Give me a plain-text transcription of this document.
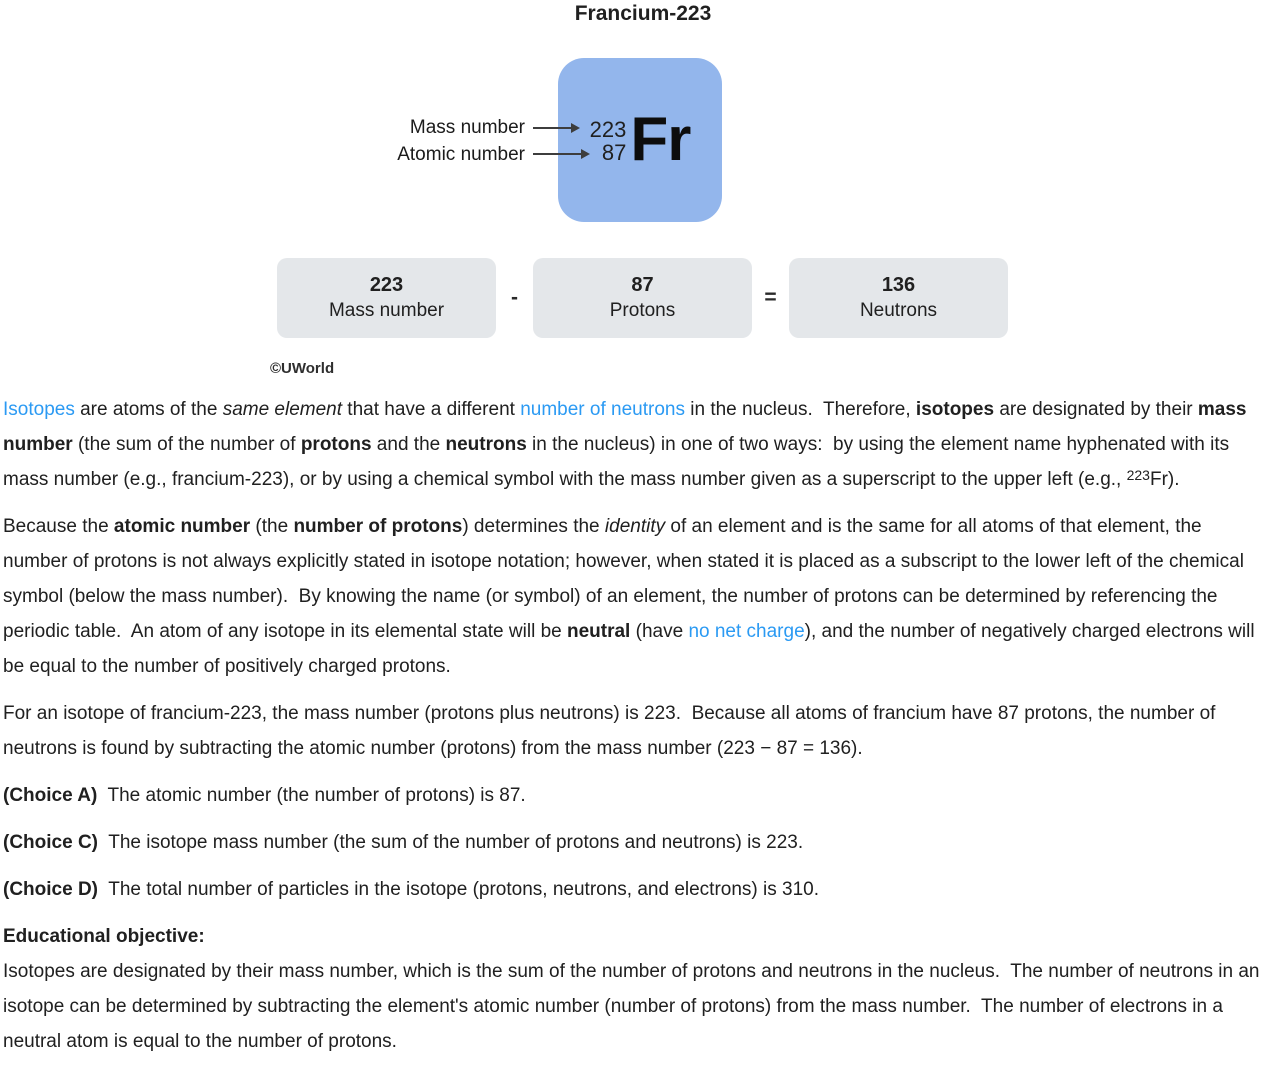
Francium-223
223
87 Fr
Mass number
Atomic number
223
Mass number
-
87
Protons
=
136
Neutrons
©UWorld

Isotopes are atoms of the same element that have a different number of neutrons in the nucleus.  Therefore, isotopes are designated by their mass number (the sum of the number of protons and the neutrons in the nucleus) in one of two ways:  by using the element name hyphenated with its mass number (e.g., francium-223), or by using a chemical symbol with the mass number given as a superscript to the upper left (e.g., $^{223}$Fr).

Because the atomic number (the number of protons) determines the identity of an element and is the same for all atoms of that element, the number of protons is not always explicitly stated in isotope notation; however, when stated it is placed as a subscript to the lower left of the chemical symbol (below the mass number).  By knowing the name (or symbol) of an element, the number of protons can be determined by referencing the periodic table.  An atom of any isotope in its elemental state will be neutral (have no net charge), and the number of negatively charged electrons will be equal to the number of positively charged protons.

For an isotope of francium-223, the mass number (protons plus neutrons) is 223.  Because all atoms of francium have 87 protons, the number of neutrons is found by subtracting the atomic number (protons) from the mass number (223 − 87 = 136).

(Choice A)  The atomic number (the number of protons) is 87.

(Choice C)  The isotope mass number (the sum of the number of protons and neutrons) is 223.

(Choice D)  The total number of particles in the isotope (protons, neutrons, and electrons) is 310.

Educational objective:

Isotopes are designated by their mass number, which is the sum of the number of protons and neutrons in the nucleus.  The number of neutrons in an isotope can be determined by subtracting the element's atomic number (number of protons) from the mass number.  The number of electrons in a neutral atom is equal to the number of protons.
